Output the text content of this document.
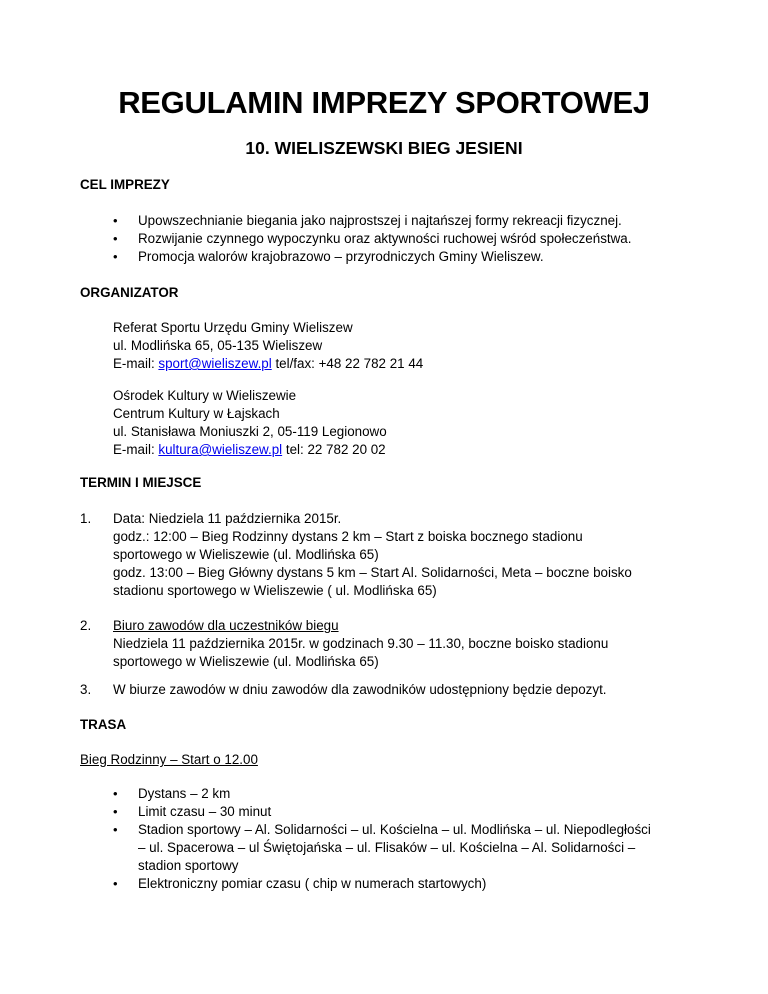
REGULAMIN IMPREZY SPORTOWEJ
10. WIELISZEWSKI BIEG JESIENI
CEL IMPREZY
• Upowszechnianie biegania jako najprostszej i najtańszej formy rekreacji fizycznej.
• Rozwijanie czynnego wypoczynku oraz aktywności ruchowej wśród społeczeństwa.
• Promocja walorów krajobrazowo – przyrodniczych Gminy Wieliszew.
ORGANIZATOR
Referat Sportu Urzędu Gminy Wieliszew
ul. Modlińska 65, 05-135 Wieliszew
E-mail: sport@wieliszew.pl tel/fax: +48 22 782 21 44
Ośrodek Kultury w Wieliszewie
Centrum Kultury w Łajskach
ul. Stanisława Moniuszki 2, 05-119 Legionowo
E-mail: kultura@wieliszew.pl tel: 22 782 20 02
TERMIN I MIEJSCE
1. Data: Niedziela 11 października 2015r.
godz.: 12:00 – Bieg Rodzinny dystans 2 km – Start z boiska bocznego stadionu
sportowego w Wieliszewie (ul. Modlińska 65)
godz. 13:00 – Bieg Główny dystans 5 km – Start Al. Solidarności, Meta – boczne boisko
stadionu sportowego w Wieliszewie ( ul. Modlińska 65)
2. Biuro zawodów dla uczestników biegu
Niedziela 11 października 2015r. w godzinach 9.30 – 11.30, boczne boisko stadionu
sportowego w Wieliszewie (ul. Modlińska 65)
3. W biurze zawodów w dniu zawodów dla zawodników udostępniony będzie depozyt.
TRASA
Bieg Rodzinny – Start o 12.00
• Dystans – 2 km
• Limit czasu – 30 minut
• Stadion sportowy – Al. Solidarności – ul. Kościelna – ul. Modlińska – ul. Niepodległości
– ul. Spacerowa – ul Świętojańska – ul. Flisaków – ul. Kościelna – Al. Solidarności –
stadion sportowy
• Elektroniczny pomiar czasu ( chip w numerach startowych)
